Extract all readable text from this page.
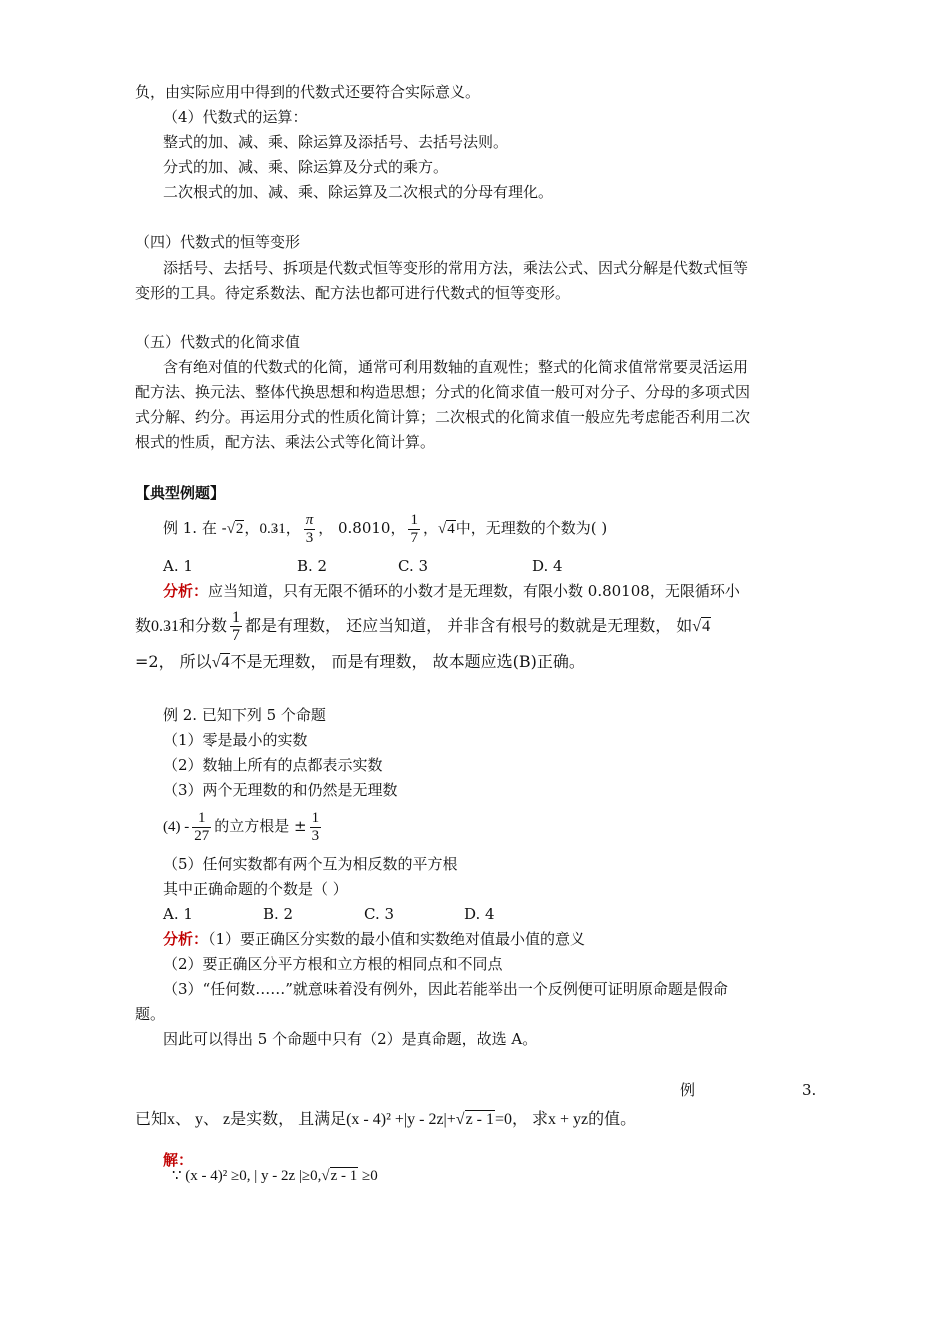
负，由实际应用中得到的代数式还要符合实际意义。
（4）代数式的运算：
整式的加、减、乘、除运算及添括号、去括号法则。
分式的加、减、乘、除运算及分式的乘方。
二次根式的加、减、乘、除运算及二次根式的分母有理化。
（四）代数式的恒等变形
添括号、去括号、拆项是代数式恒等变形的常用方法，乘法公式、因式分解是代数式恒等
变形的工具。待定系数法、配方法也都可进行代数式的恒等变形。
（五）代数式的化简求值
含有绝对值的代数式的化简，通常可利用数轴的直观性；整式的化简求值常常要灵活运用
配方法、换元法、整体代换思想和构造思想；分式的化简求值一般可对分子、分母的多项式因
式分解、约分。再运用分式的性质化简计算；二次根式的化简求值一般应先考虑能否利用二次
根式的性质，配方法、乘法公式等化简计算。
【典型例题】
例 1. 在 -√2，0.. 3. 1， $\frac{\pi}{3}$ ， 0.8010， $\frac{1}{7}$ ，√4中，无理数的个数为( )
A. 1	B. 2	C. 3	D. 4
分析：应当知道，只有无限不循环的小数才是无理数，有限小数 0.80108，无限循环小
数0.. 3. 1和分数 $\frac{1}{7}$ 都是有理数， 还应当知道， 并非含有根号的数就是无理数， 如√4
=2， 所以√4不是无理数， 而是有理数， 故本题应选(B)正确。
例 2. 已知下列 5 个命题
（1）零是最小的实数
（2）数轴上所有的点都表示实数
（3）两个无理数的和仍然是无理数
$(4) - \frac{1}{27}$ 的立方根是 ± $\frac{1}{3}$
（5）任何实数都有两个互为相反数的平方根
其中正确命题的个数是（ ）
A. 1	B. 2	C. 3	D. 4
分析：（1）要正确区分实数的最小值和实数绝对值最小值的意义
（2）要正确区分平方根和立方根的相同点和不同点
（3）“任何数……”就意味着没有例外，因此若能举出一个反例便可证明原命题是假命
题。
因此可以得出 5 个命题中只有（2）是真命题，故选 A。
例	3.
已知x、 y、 z是实数， 且满足(x - 4)² +|y - 2z|+√z - 1=0， 求x + yz的值。
解：
∵ (x - 4)² ≥0, | y - 2z |≥0,√z - 1 ≥0
